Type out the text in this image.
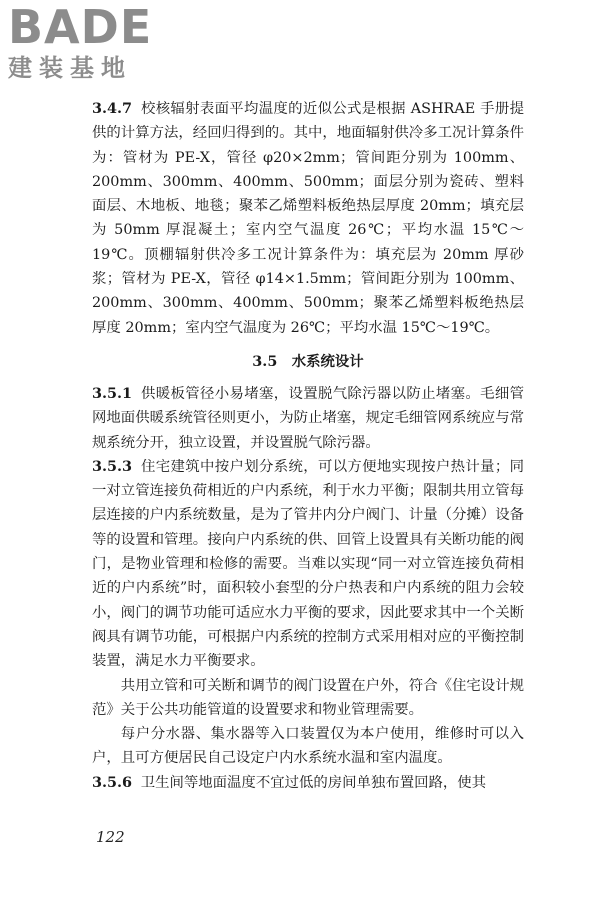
BADE
建装基地

3.4.7 校核辐射表面平均温度的近似公式是根据 ASHRAE 手册提供的计算方法，经回归得到的。其中，地面辐射供冷多工况计算条件为：管材为 PE-X，管径 φ20×2mm；管间距分别为 100mm、200mm、300mm、400mm、500mm；面层分别为瓷砖、塑料面层、木地板、地毯；聚苯乙烯塑料板绝热层厚度 20mm；填充层为 50mm 厚混凝土；室内空气温度 26℃；平均水温 15℃～19℃。顶棚辐射供冷多工况计算条件为：填充层为 20mm 厚砂浆；管材为 PE-X，管径 φ14×1.5mm；管间距分别为 100mm、200mm、300mm、400mm、500mm；聚苯乙烯塑料板绝热层厚度 20mm；室内空气温度为 26℃；平均水温 15℃～19℃。

3.5 水系统设计

3.5.1 供暖板管径小易堵塞，设置脱气除污器以防止堵塞。毛细管网地面供暖系统管径则更小，为防止堵塞，规定毛细管网系统应与常规系统分开，独立设置，并设置脱气除污器。

3.5.3 住宅建筑中按户划分系统，可以方便地实现按户热计量；同一对立管连接负荷相近的户内系统，利于水力平衡；限制共用立管每层连接的户内系统数量，是为了管井内分户阀门、计量（分摊）设备等的设置和管理。接向户内系统的供、回管上设置具有关断功能的阀门，是物业管理和检修的需要。当难以实现“同一对立管连接负荷相近的户内系统”时，面积较小套型的分户热表和户内系统的阻力会较小，阀门的调节功能可适应水力平衡的要求，因此要求其中一个关断阀具有调节功能，可根据户内系统的控制方式采用相对应的平衡控制装置，满足水力平衡要求。

共用立管和可关断和调节的阀门设置在户外，符合《住宅设计规范》关于公共功能管道的设置要求和物业管理需要。

每户分水器、集水器等入口装置仅为本户使用，维修时可以入户，且可方便居民自己设定户内水系统水温和室内温度。

3.5.6 卫生间等地面温度不宜过低的房间单独布置回路，使其

122
